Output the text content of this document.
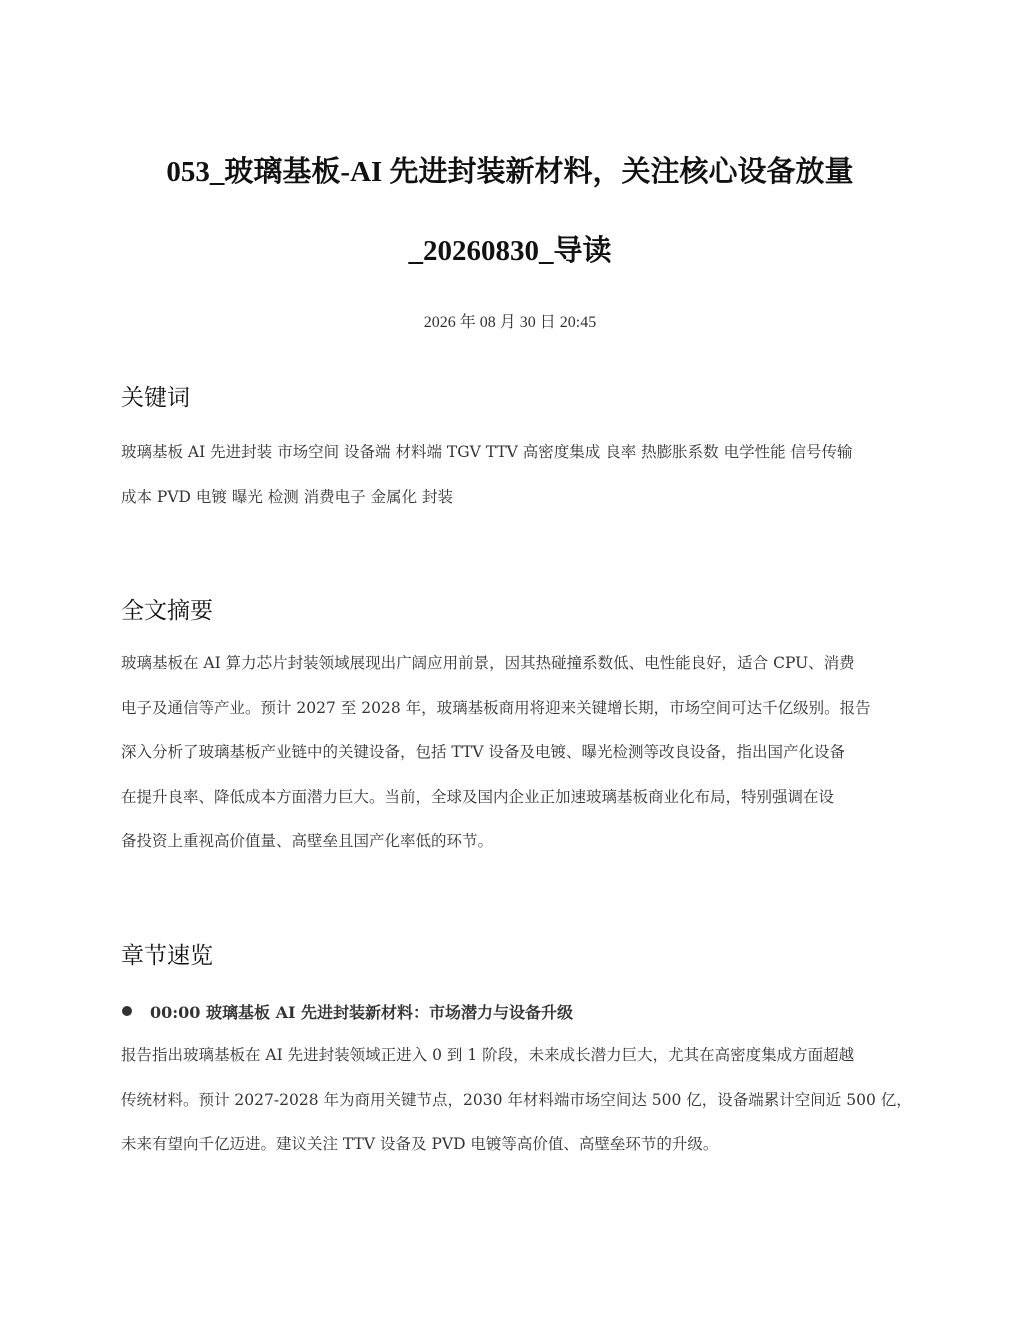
053_玻璃基板-AI 先进封装新材料，关注核心设备放量
_20260830_导读
2026 年 08 月 30 日 20:45
关键词
玻璃基板 AI 先进封装 市场空间 设备端 材料端 TGV TTV 高密度集成 良率 热膨胀系数 电学性能 信号传输
成本 PVD 电镀 曝光 检测 消费电子 金属化 封装
全文摘要
玻璃基板在 AI 算力芯片封装领域展现出广阔应用前景，因其热碰撞系数低、电性能良好，适合 CPU、消费
电子及通信等产业。预计 2027 至 2028 年，玻璃基板商用将迎来关键增长期，市场空间可达千亿级别。报告
深入分析了玻璃基板产业链中的关键设备，包括 TTV 设备及电镀、曝光检测等改良设备，指出国产化设备
在提升良率、降低成本方面潜力巨大。当前，全球及国内企业正加速玻璃基板商业化布局，特别强调在设
备投资上重视高价值量、高壁垒且国产化率低的环节。
章节速览
00:00 玻璃基板 AI 先进封装新材料：市场潜力与设备升级
报告指出玻璃基板在 AI 先进封装领域正进入 0 到 1 阶段，未来成长潜力巨大，尤其在高密度集成方面超越
传统材料。预计 2027-2028 年为商用关键节点，2030 年材料端市场空间达 500 亿，设备端累计空间近 500 亿，
未来有望向千亿迈进。建议关注 TTV 设备及 PVD 电镀等高价值、高壁垒环节的升级。
